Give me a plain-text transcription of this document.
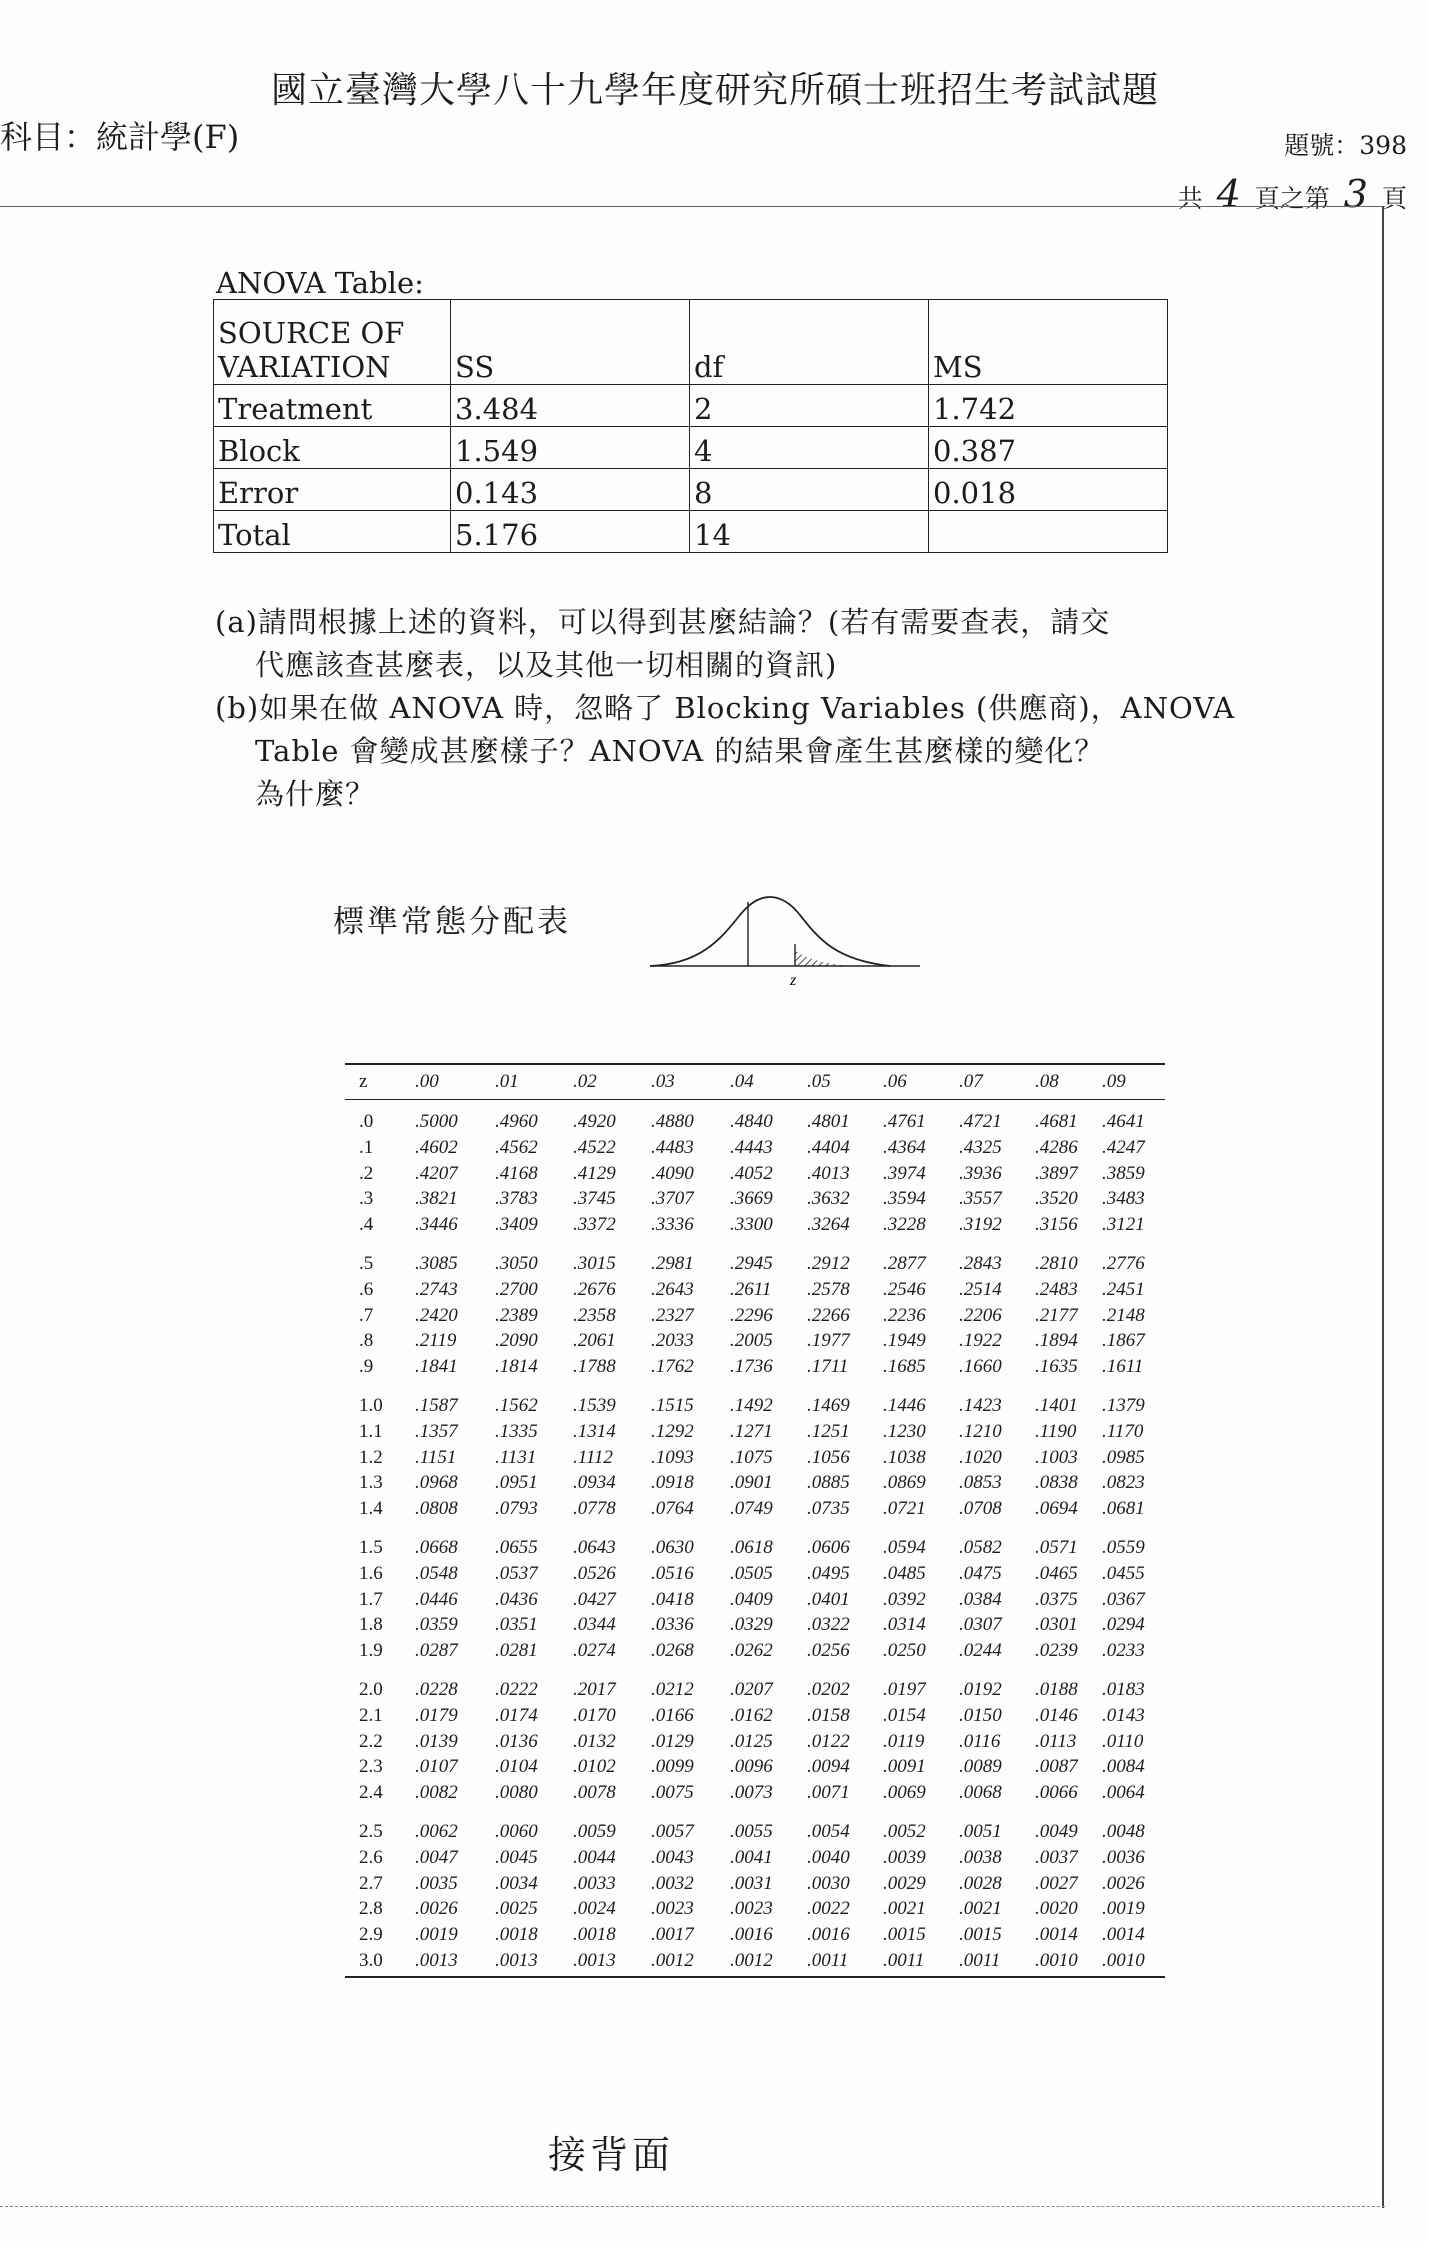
國立臺灣大學八十九學年度研究所碩士班招生考試試題
科目：統計學(F)	題號：398
共 4 頁之第 3 頁
ANOVA Table:
SOURCE OF VARIATION	SS	df	MS
Treatment	3.484	2	1.742
Block	1.549	4	0.387
Error	0.143	8	0.018
Total	5.176	14	
(a)請問根據上述的資料，可以得到甚麼結論？(若有需要查表，請交
代應該查甚麼表，以及其他一切相關的資訊)
(b)如果在做 ANOVA 時，忽略了 Blocking Variables (供應商)，ANOVA
Table 會變成甚麼樣子？ANOVA 的結果會產生甚麼樣的變化？
為什麼？
標準常態分配表
z
z	.00	.01	.02	.03	.04	.05	.06	.07	.08	.09
.0	.5000	.4960	.4920	.4880	.4840	.4801	.4761	.4721	.4681	.4641
.1	.4602	.4562	.4522	.4483	.4443	.4404	.4364	.4325	.4286	.4247
.2	.4207	.4168	.4129	.4090	.4052	.4013	.3974	.3936	.3897	.3859
.3	.3821	.3783	.3745	.3707	.3669	.3632	.3594	.3557	.3520	.3483
.4	.3446	.3409	.3372	.3336	.3300	.3264	.3228	.3192	.3156	.3121
.5	.3085	.3050	.3015	.2981	.2945	.2912	.2877	.2843	.2810	.2776
.6	.2743	.2700	.2676	.2643	.2611	.2578	.2546	.2514	.2483	.2451
.7	.2420	.2389	.2358	.2327	.2296	.2266	.2236	.2206	.2177	.2148
.8	.2119	.2090	.2061	.2033	.2005	.1977	.1949	.1922	.1894	.1867
.9	.1841	.1814	.1788	.1762	.1736	.1711	.1685	.1660	.1635	.1611
1.0	.1587	.1562	.1539	.1515	.1492	.1469	.1446	.1423	.1401	.1379
1.1	.1357	.1335	.1314	.1292	.1271	.1251	.1230	.1210	.1190	.1170
1.2	.1151	.1131	.1112	.1093	.1075	.1056	.1038	.1020	.1003	.0985
1.3	.0968	.0951	.0934	.0918	.0901	.0885	.0869	.0853	.0838	.0823
1.4	.0808	.0793	.0778	.0764	.0749	.0735	.0721	.0708	.0694	.0681
1.5	.0668	.0655	.0643	.0630	.0618	.0606	.0594	.0582	.0571	.0559
1.6	.0548	.0537	.0526	.0516	.0505	.0495	.0485	.0475	.0465	.0455
1.7	.0446	.0436	.0427	.0418	.0409	.0401	.0392	.0384	.0375	.0367
1.8	.0359	.0351	.0344	.0336	.0329	.0322	.0314	.0307	.0301	.0294
1.9	.0287	.0281	.0274	.0268	.0262	.0256	.0250	.0244	.0239	.0233
2.0	.0228	.0222	.2017	.0212	.0207	.0202	.0197	.0192	.0188	.0183
2.1	.0179	.0174	.0170	.0166	.0162	.0158	.0154	.0150	.0146	.0143
2.2	.0139	.0136	.0132	.0129	.0125	.0122	.0119	.0116	.0113	.0110
2.3	.0107	.0104	.0102	.0099	.0096	.0094	.0091	.0089	.0087	.0084
2.4	.0082	.0080	.0078	.0075	.0073	.0071	.0069	.0068	.0066	.0064
2.5	.0062	.0060	.0059	.0057	.0055	.0054	.0052	.0051	.0049	.0048
2.6	.0047	.0045	.0044	.0043	.0041	.0040	.0039	.0038	.0037	.0036
2.7	.0035	.0034	.0033	.0032	.0031	.0030	.0029	.0028	.0027	.0026
2.8	.0026	.0025	.0024	.0023	.0023	.0022	.0021	.0021	.0020	.0019
2.9	.0019	.0018	.0018	.0017	.0016	.0016	.0015	.0015	.0014	.0014
3.0	.0013	.0013	.0013	.0012	.0012	.0011	.0011	.0011	.0010	.0010
接背面
